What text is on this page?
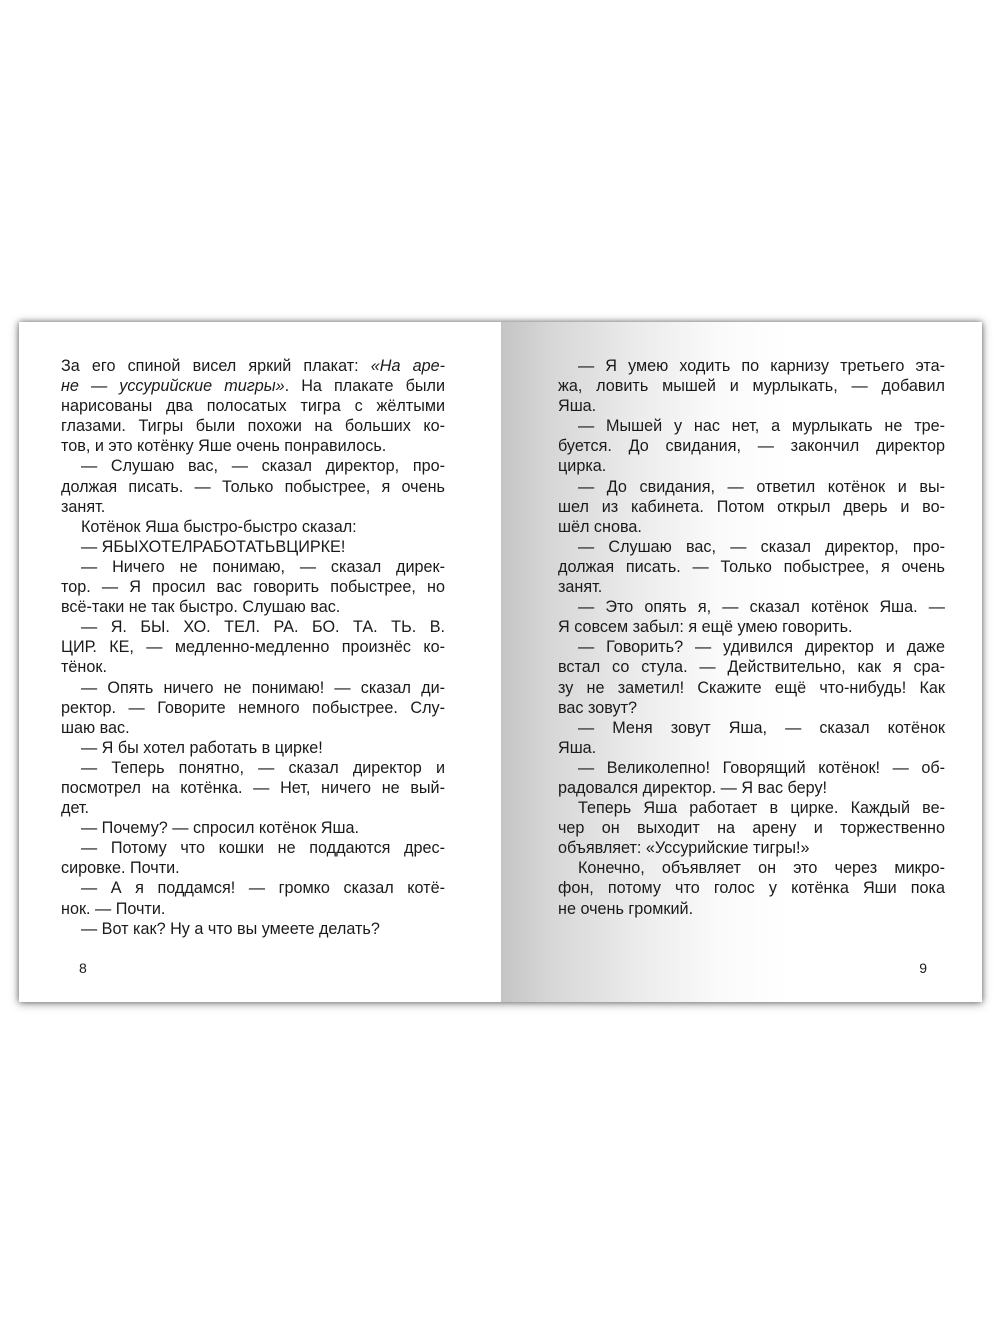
За его спиной висел яркий плакат: «На аре-
не — уссурийские тигры». На плакате были
нарисованы два полосатых тигра с жёлтыми
глазами. Тигры были похожи на больших ко-
тов, и это котёнку Яше очень понравилось.
— Слушаю вас, — сказал директор, про-
должая писать. — Только побыстрее, я очень
занят.
Котёнок Яша быстро-быстро сказал:
— ЯБЫХОТЕЛРАБОТАТЬВЦИРКЕ!
— Ничего не понимаю, — сказал дирек-
тор. — Я просил вас говорить побыстрее, но
всё-таки не так быстро. Слушаю вас.
— Я. БЫ. ХО. ТЕЛ. РА. БО. ТА. ТЬ. В.
ЦИР. КЕ, — медленно-медленно произнёс ко-
тёнок.
— Опять ничего не понимаю! — сказал ди-
ректор. — Говорите немного побыстрее. Слу-
шаю вас.
— Я бы хотел работать в цирке!
— Теперь понятно, — сказал директор и
посмотрел на котёнка. — Нет, ничего не вый-
дет.
— Почему? — спросил котёнок Яша.
— Потому что кошки не поддаются дрес-
сировке. Почти.
— А я поддамся! — громко сказал котё-
нок. — Почти.
— Вот как? Ну а что вы умеете делать?
8
— Я умею ходить по карнизу третьего эта-
жа, ловить мышей и мурлыкать, — добавил
Яша.
— Мышей у нас нет, а мурлыкать не тре-
буется. До свидания, — закончил директор
цирка.
— До свидания, — ответил котёнок и вы-
шел из кабинета. Потом открыл дверь и во-
шёл снова.
— Слушаю вас, — сказал директор, про-
должая писать. — Только побыстрее, я очень
занят.
— Это опять я, — сказал котёнок Яша. —
Я совсем забыл: я ещё умею говорить.
— Говорить? — удивился директор и даже
встал со стула. — Действительно, как я сра-
зу не заметил! Скажите ещё что-нибудь! Как
вас зовут?
— Меня зовут Яша, — сказал котёнок
Яша.
— Великолепно! Говорящий котёнок! — об-
радовался директор. — Я вас беру!
Теперь Яша работает в цирке. Каждый ве-
чер он выходит на арену и торжественно
объявляет: «Уссурийские тигры!»
Конечно, объявляет он это через микро-
фон, потому что голос у котёнка Яши пока
не очень громкий.
9
